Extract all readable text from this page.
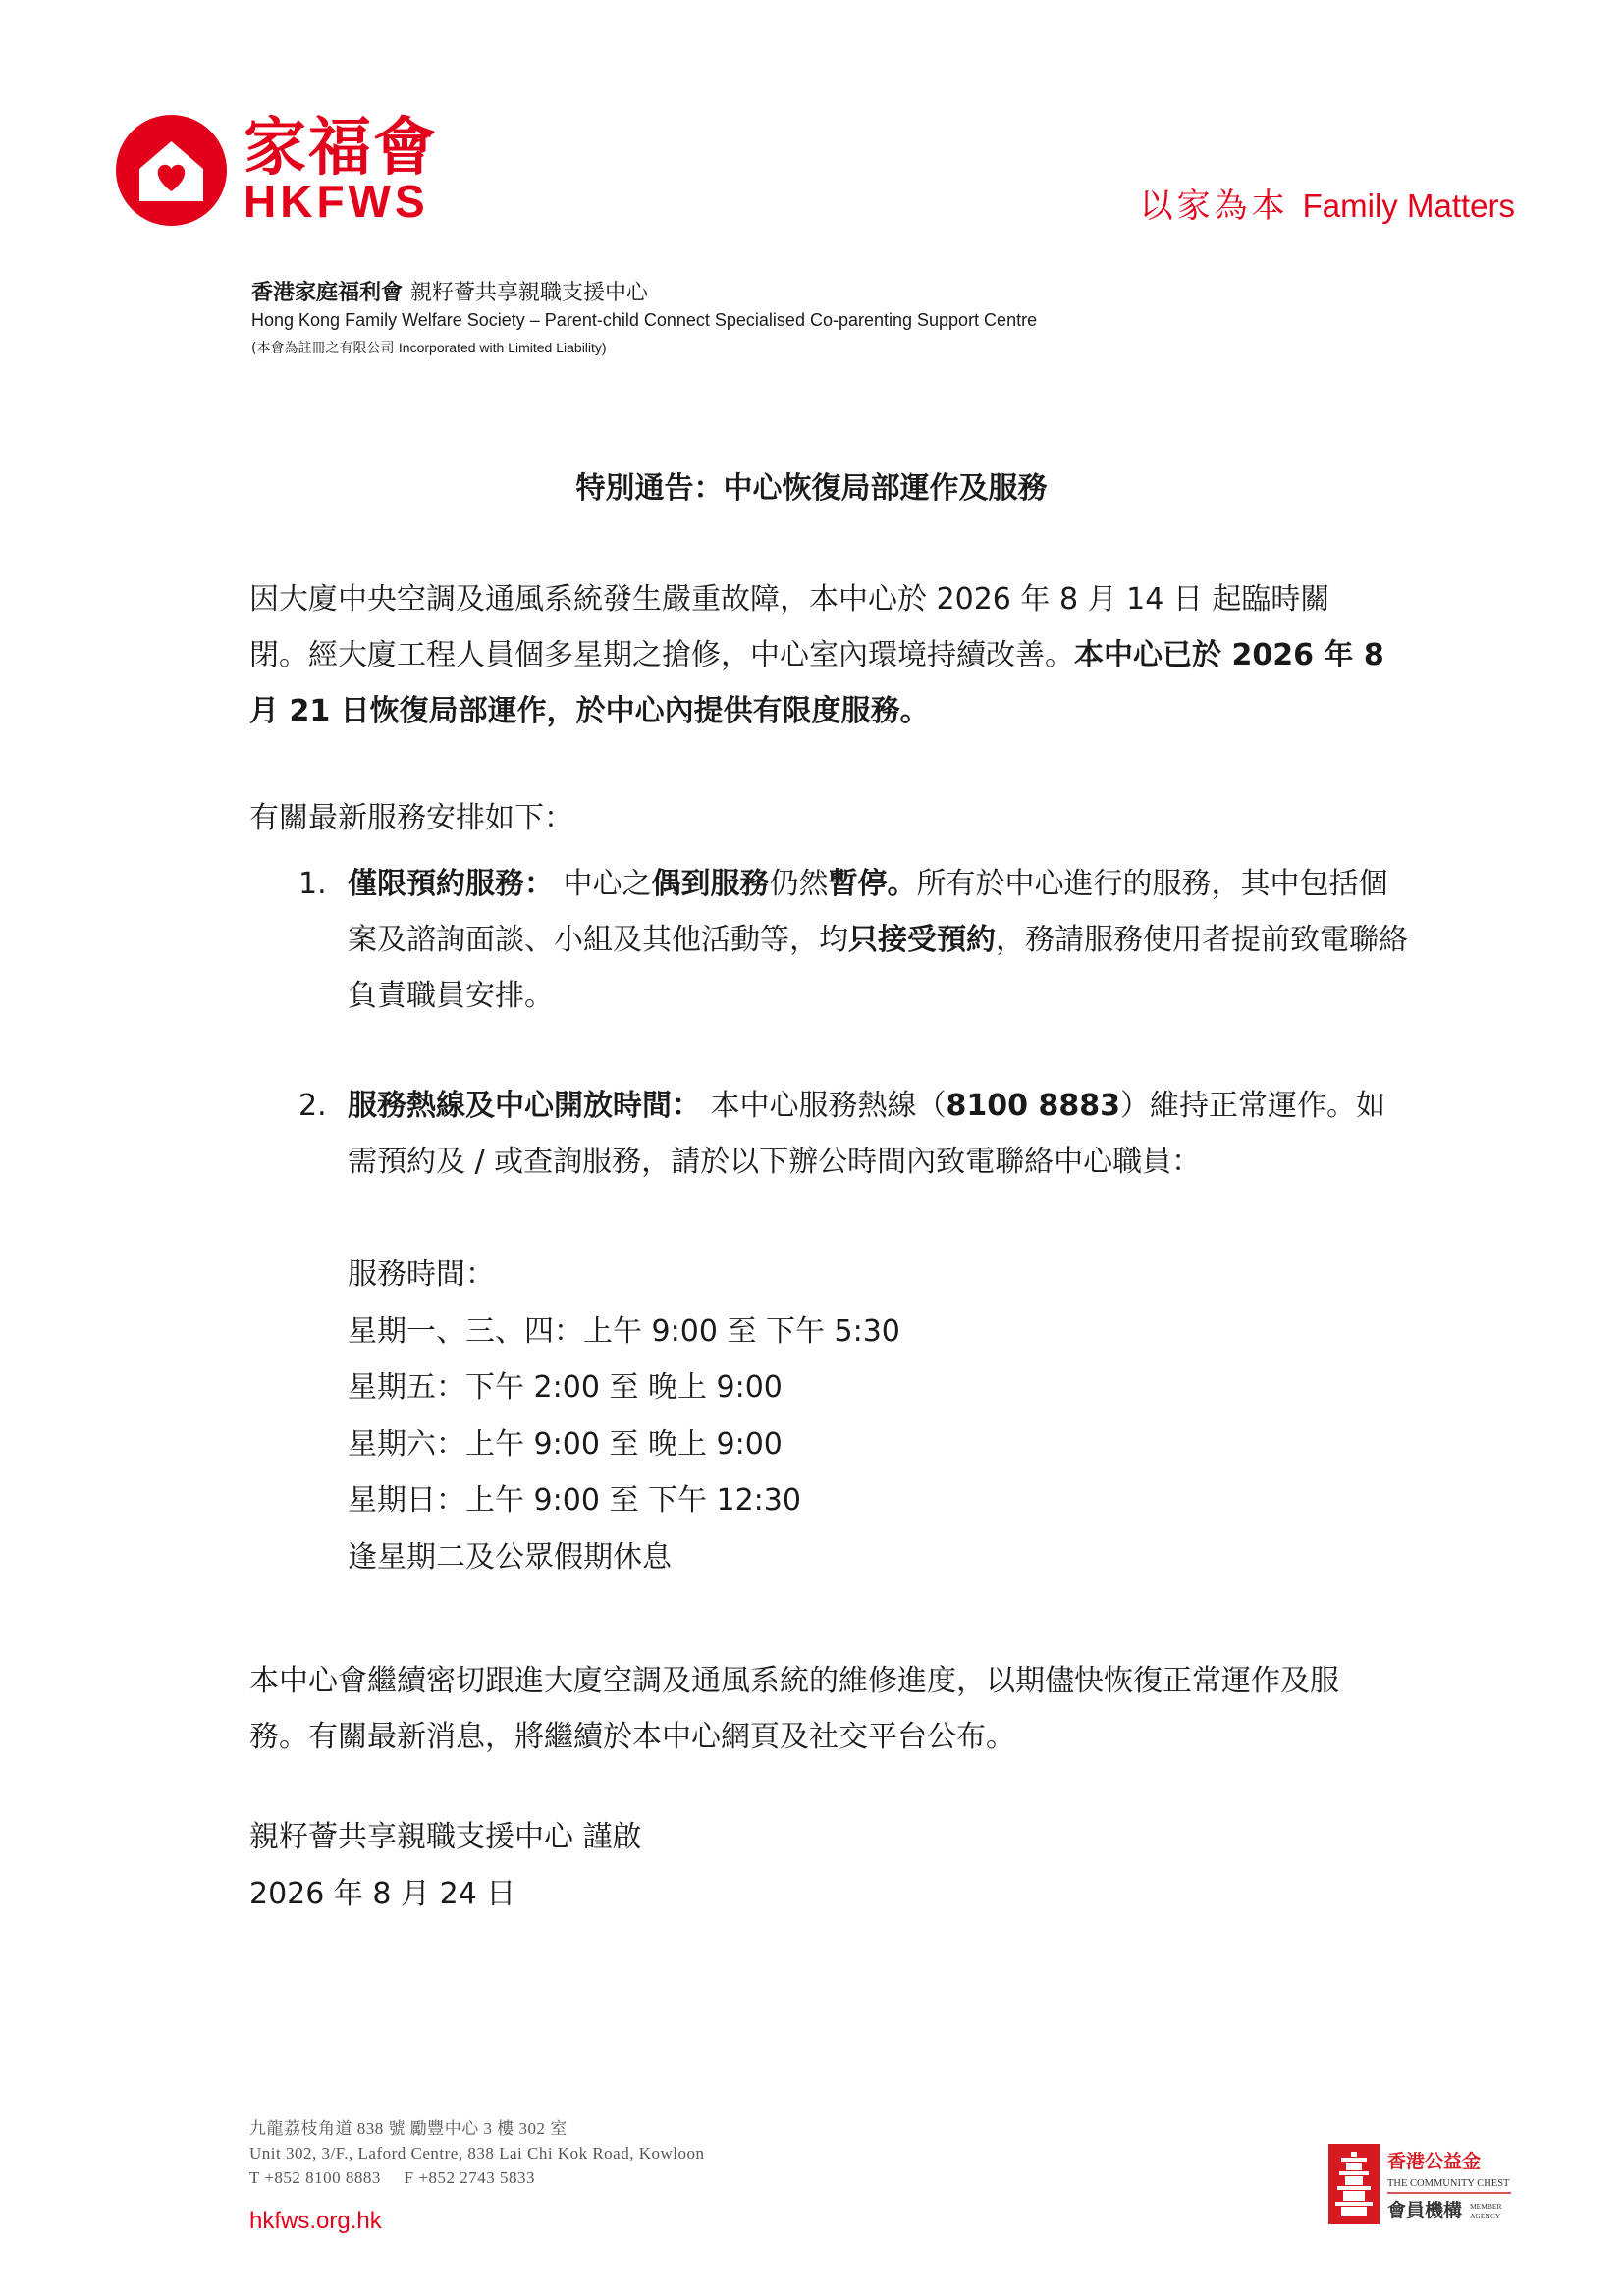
家福會
HKFWS	以家為本 Family Matters
香港家庭福利會 親籽薈共享親職支援中心
Hong Kong Family Welfare Society – Parent-child Connect Specialised Co-parenting Support Centre
(本會為註冊之有限公司 Incorporated with Limited Liability)
特別通告：中心恢復局部運作及服務
因大廈中央空調及通風系統發生嚴重故障，本中心於 2026 年 8 月 14 日 起臨時關閉。經大廈工程人員個多星期之搶修，中心室內環境持續改善。本中心已於 2026 年 8 月 21 日恢復局部運作，於中心內提供有限度服務。
有關最新服務安排如下：
1. 僅限預約服務： 中心之偶到服務仍然暫停。所有於中心進行的服務，其中包括個案及諮詢面談、小組及其他活動等，均只接受預約，務請服務使用者提前致電聯絡負責職員安排。
2. 服務熱線及中心開放時間： 本中心服務熱線（8100 8883）維持正常運作。如需預約及 / 或查詢服務，請於以下辦公時間內致電聯絡中心職員：
服務時間：
星期一、三、四：上午 9:00 至 下午 5:30
星期五：下午 2:00 至 晚上 9:00
星期六：上午 9:00 至 晚上 9:00
星期日：上午 9:00 至 下午 12:30
逢星期二及公眾假期休息
本中心會繼續密切跟進大廈空調及通風系統的維修進度，以期儘快恢復正常運作及服務。有關最新消息，將繼續於本中心網頁及社交平台公布。
親籽薈共享親職支援中心 謹啟
2026 年 8 月 24 日
九龍荔枝角道 838 號 勵豐中心 3 樓 302 室
Unit 302, 3/F., Laford Centre, 838 Lai Chi Kok Road, Kowloon
T +852 8100 8883 F +852 2743 5833
hkfws.org.hk
香港公益金
THE COMMUNITY CHEST
會員機構 MEMBER
AGENCY
